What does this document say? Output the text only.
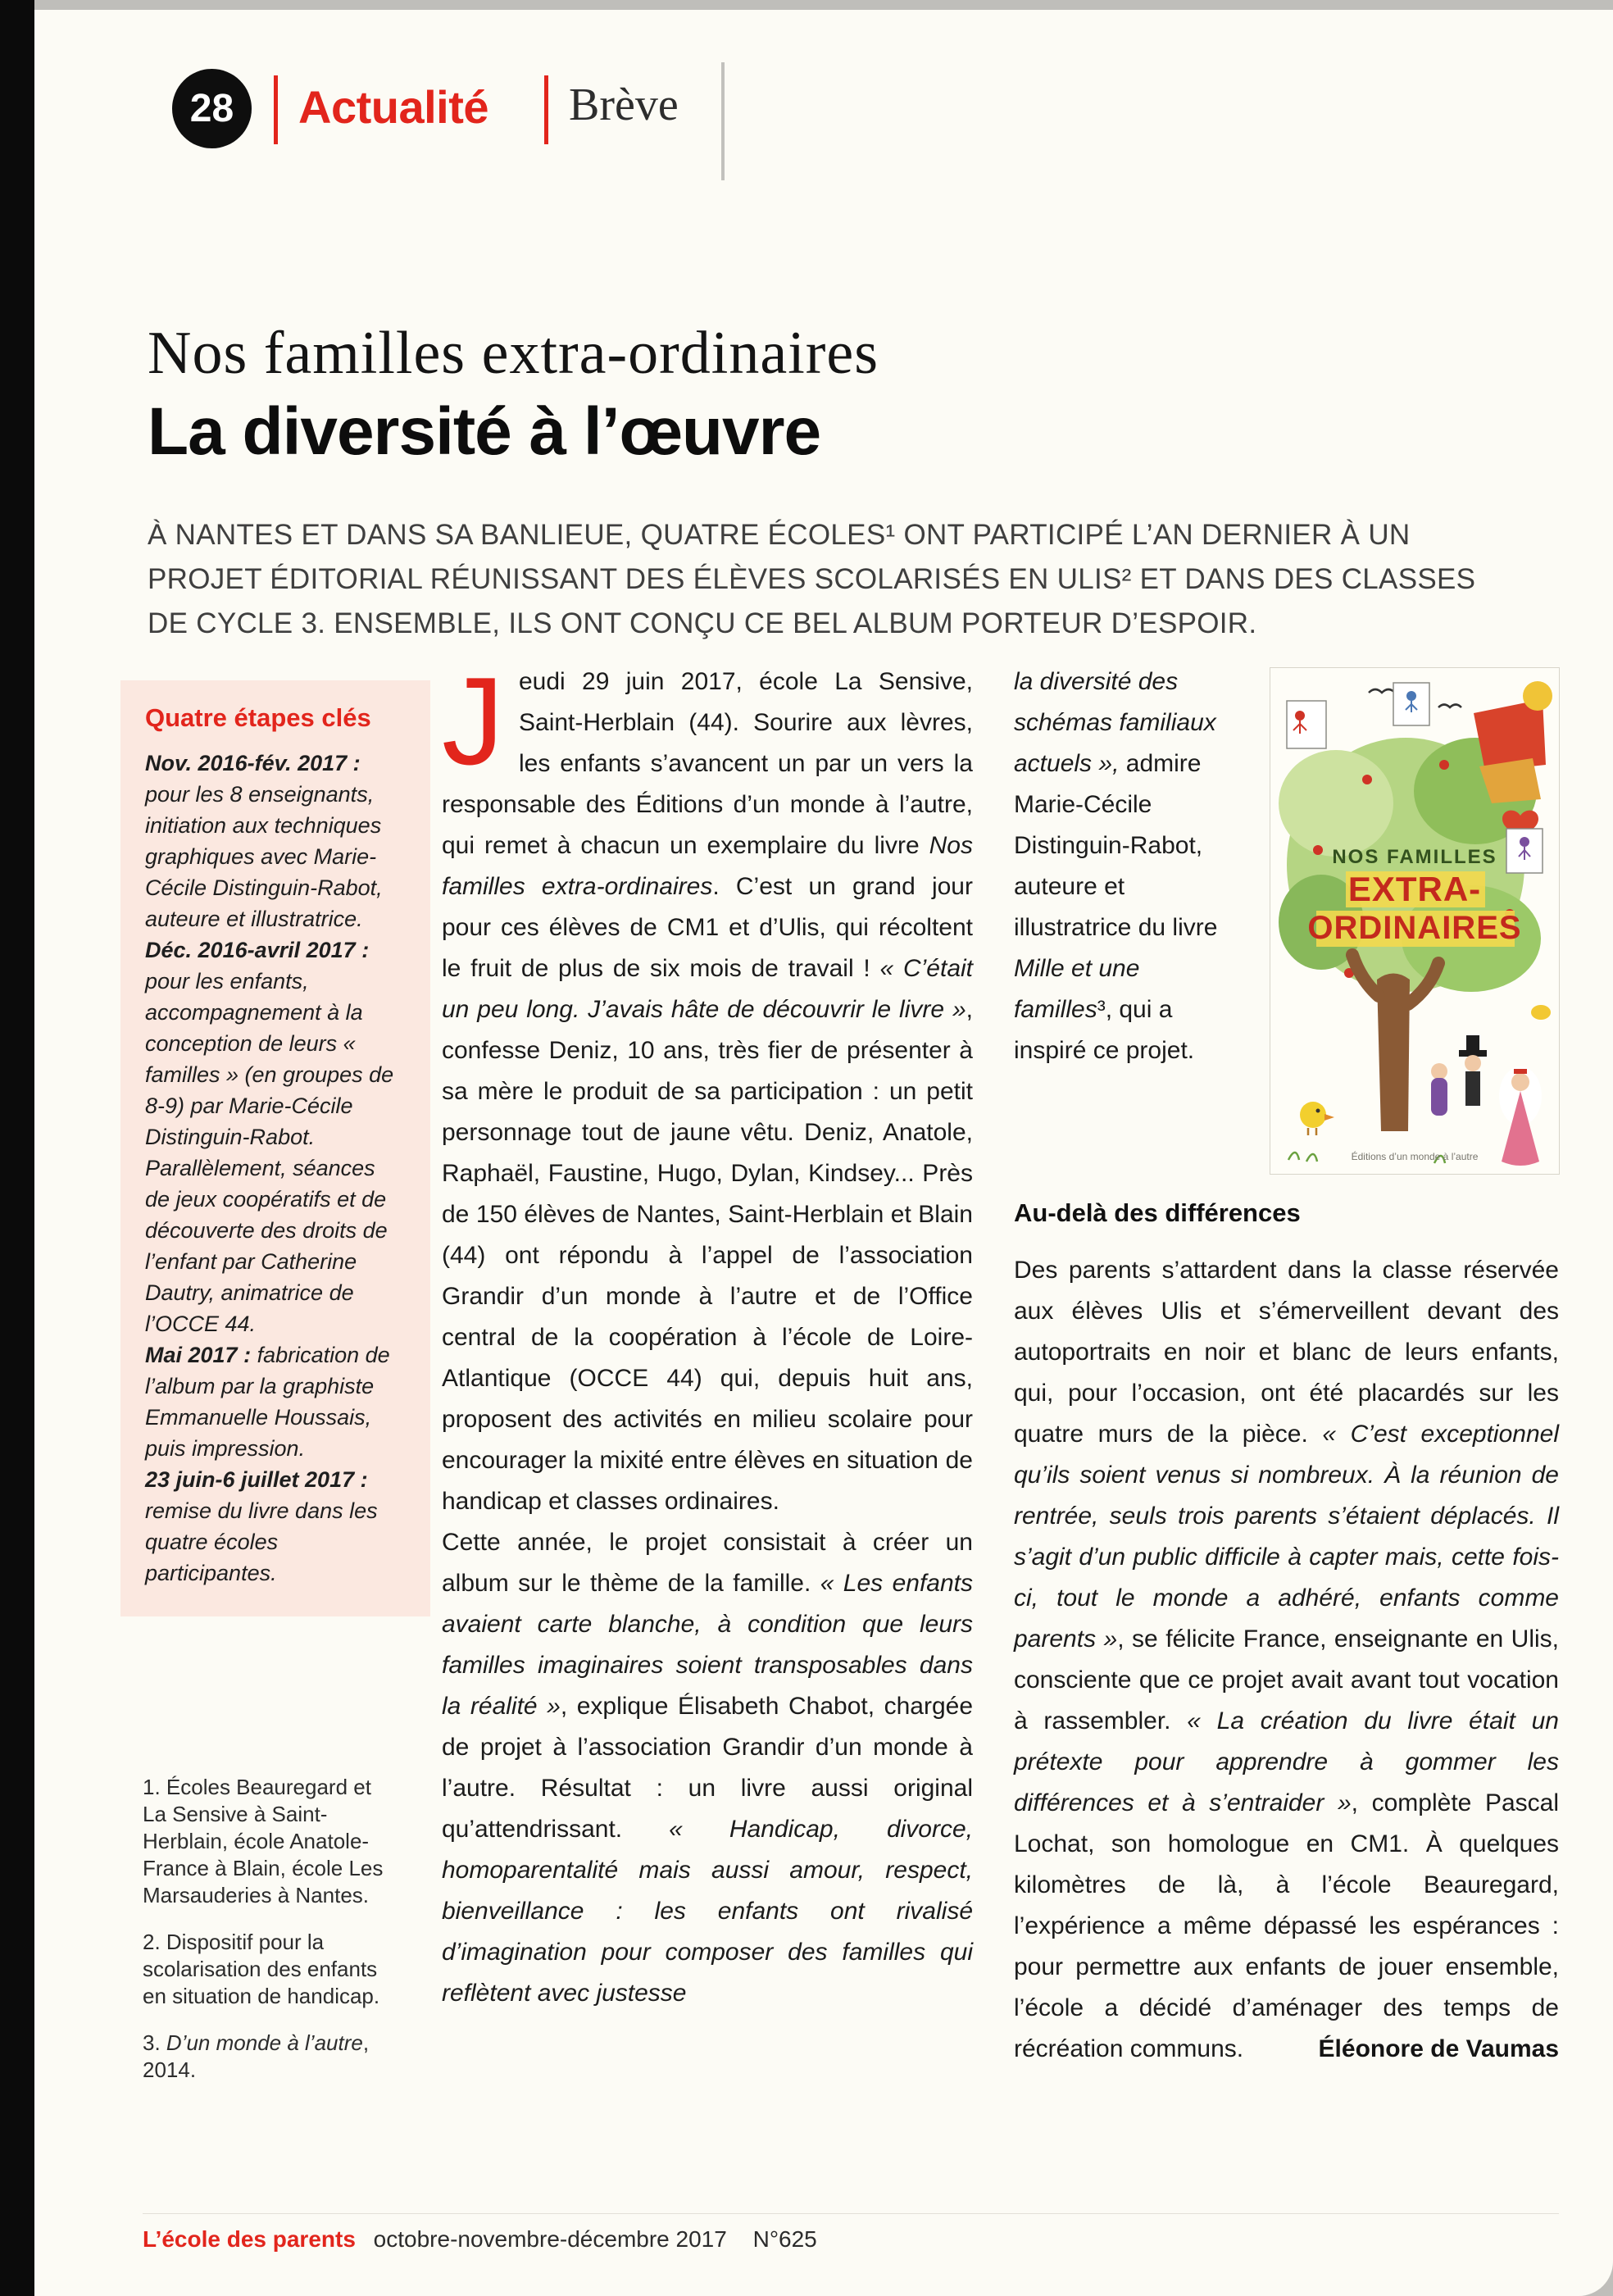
28 Actualité Brève
Nos familles extra-ordinaires
La diversité à l’œuvre

À NANTES ET DANS SA BANLIEUE, QUATRE ÉCOLES¹ ONT PARTICIPÉ L’AN DERNIER À UN PROJET ÉDITORIAL RÉUNISSANT DES ÉLÈVES SCOLARISÉS EN ULIS² ET DANS DES CLASSES DE CYCLE 3. ENSEMBLE, ILS ONT CONÇU CE BEL ALBUM PORTEUR D’ESPOIR.

Quatre étapes clés

Nov. 2016-fév. 2017 : pour les 8 enseignants, initiation aux techniques graphiques avec Marie-Cécile Distinguin-Rabot, auteure et illustratrice.

Déc. 2016-avril 2017 : pour les enfants, accompagnement à la conception de leurs « familles » (en groupes de 8-9) par Marie-Cécile Distinguin-Rabot. Parallèlement, séances de jeux coopératifs et de découverte des droits de l’enfant par Catherine Dautry, animatrice de l’OCCE 44.

Mai 2017 : fabrication de l’album par la graphiste Emmanuelle Houssais, puis impression.

23 juin-6 juillet 2017 : remise du livre dans les quatre écoles participantes.

1. Écoles Beauregard et La Sensive à Saint-Herblain, école Anatole-France à Blain, école Les Marsauderies à Nantes.

2. Dispositif pour la scolarisation des enfants en situation de handicap.

3. D’un monde à l’autre, 2014.

Jeudi 29 juin 2017, école La Sensive, Saint-Herblain (44). Sourire aux lèvres, les enfants s’avancent un par un vers la responsable des Éditions d’un monde à l’autre, qui remet à chacun un exemplaire du livre Nos familles extra-ordinaires. C’est un grand jour pour ces élèves de CM1 et d’Ulis, qui récoltent le fruit de plus de six mois de travail ! « C’était un peu long. J’avais hâte de découvrir le livre », confesse Deniz, 10 ans, très fier de présenter à sa mère le produit de sa participation : un petit personnage tout de jaune vêtu. Deniz, Anatole, Raphaël, Faustine, Hugo, Dylan, Kindsey... Près de 150 élèves de Nantes, Saint-Herblain et Blain (44) ont répondu à l’appel de l’association Grandir d’un monde à l’autre et de l’Office central de la coopération à l’école de Loire-Atlantique (OCCE 44) qui, depuis huit ans, proposent des activités en milieu scolaire pour encourager la mixité entre élèves en situation de handicap et classes ordinaires.

Cette année, le projet consistait à créer un album sur le thème de la famille. « Les enfants avaient carte blanche, à condition que leurs familles imaginaires soient transposables dans la réalité », explique Élisabeth Chabot, chargée de projet à l’association Grandir d’un monde à l’autre. Résultat : un livre aussi original qu’attendrissant. « Handicap, divorce, homoparentalité mais aussi amour, respect, bienveillance : les enfants ont rivalisé d’imagination pour composer des familles qui reflètent avec justesse

NOS FAMILLES
EXTRA-
ORDINAIRES
Éditions d’un monde à l’autre

la diversité des schémas familiaux actuels », admire Marie-Cécile Distinguin-Rabot, auteure et illustratrice du livre Mille et une familles³, qui a inspiré ce projet.

Au-delà des différences

Des parents s’attardent dans la classe réservée aux élèves Ulis et s’émerveillent devant des autoportraits en noir et blanc de leurs enfants, qui, pour l’occasion, ont été placardés sur les quatre murs de la pièce. « C’est exceptionnel qu’ils soient venus si nombreux. À la réunion de rentrée, seuls trois parents s’étaient déplacés. Il s’agit d’un public difficile à capter mais, cette fois-ci, tout le monde a adhéré, enfants comme parents », se félicite France, enseignante en Ulis, consciente que ce projet avait avant tout vocation à rassembler. « La création du livre était un prétexte pour apprendre à gommer les différences et à s’entraider », complète Pascal Lochat, son homologue en CM1. À quelques kilomètres de là, à l’école Beauregard, l’expérience a même dépassé les espérances : pour permettre aux enfants de jouer ensemble, l’école a décidé d’aménager des temps de récréation communs.	Éléonore de Vaumas
L’école des parents octobre-novembre-décembre 2017 N°625
